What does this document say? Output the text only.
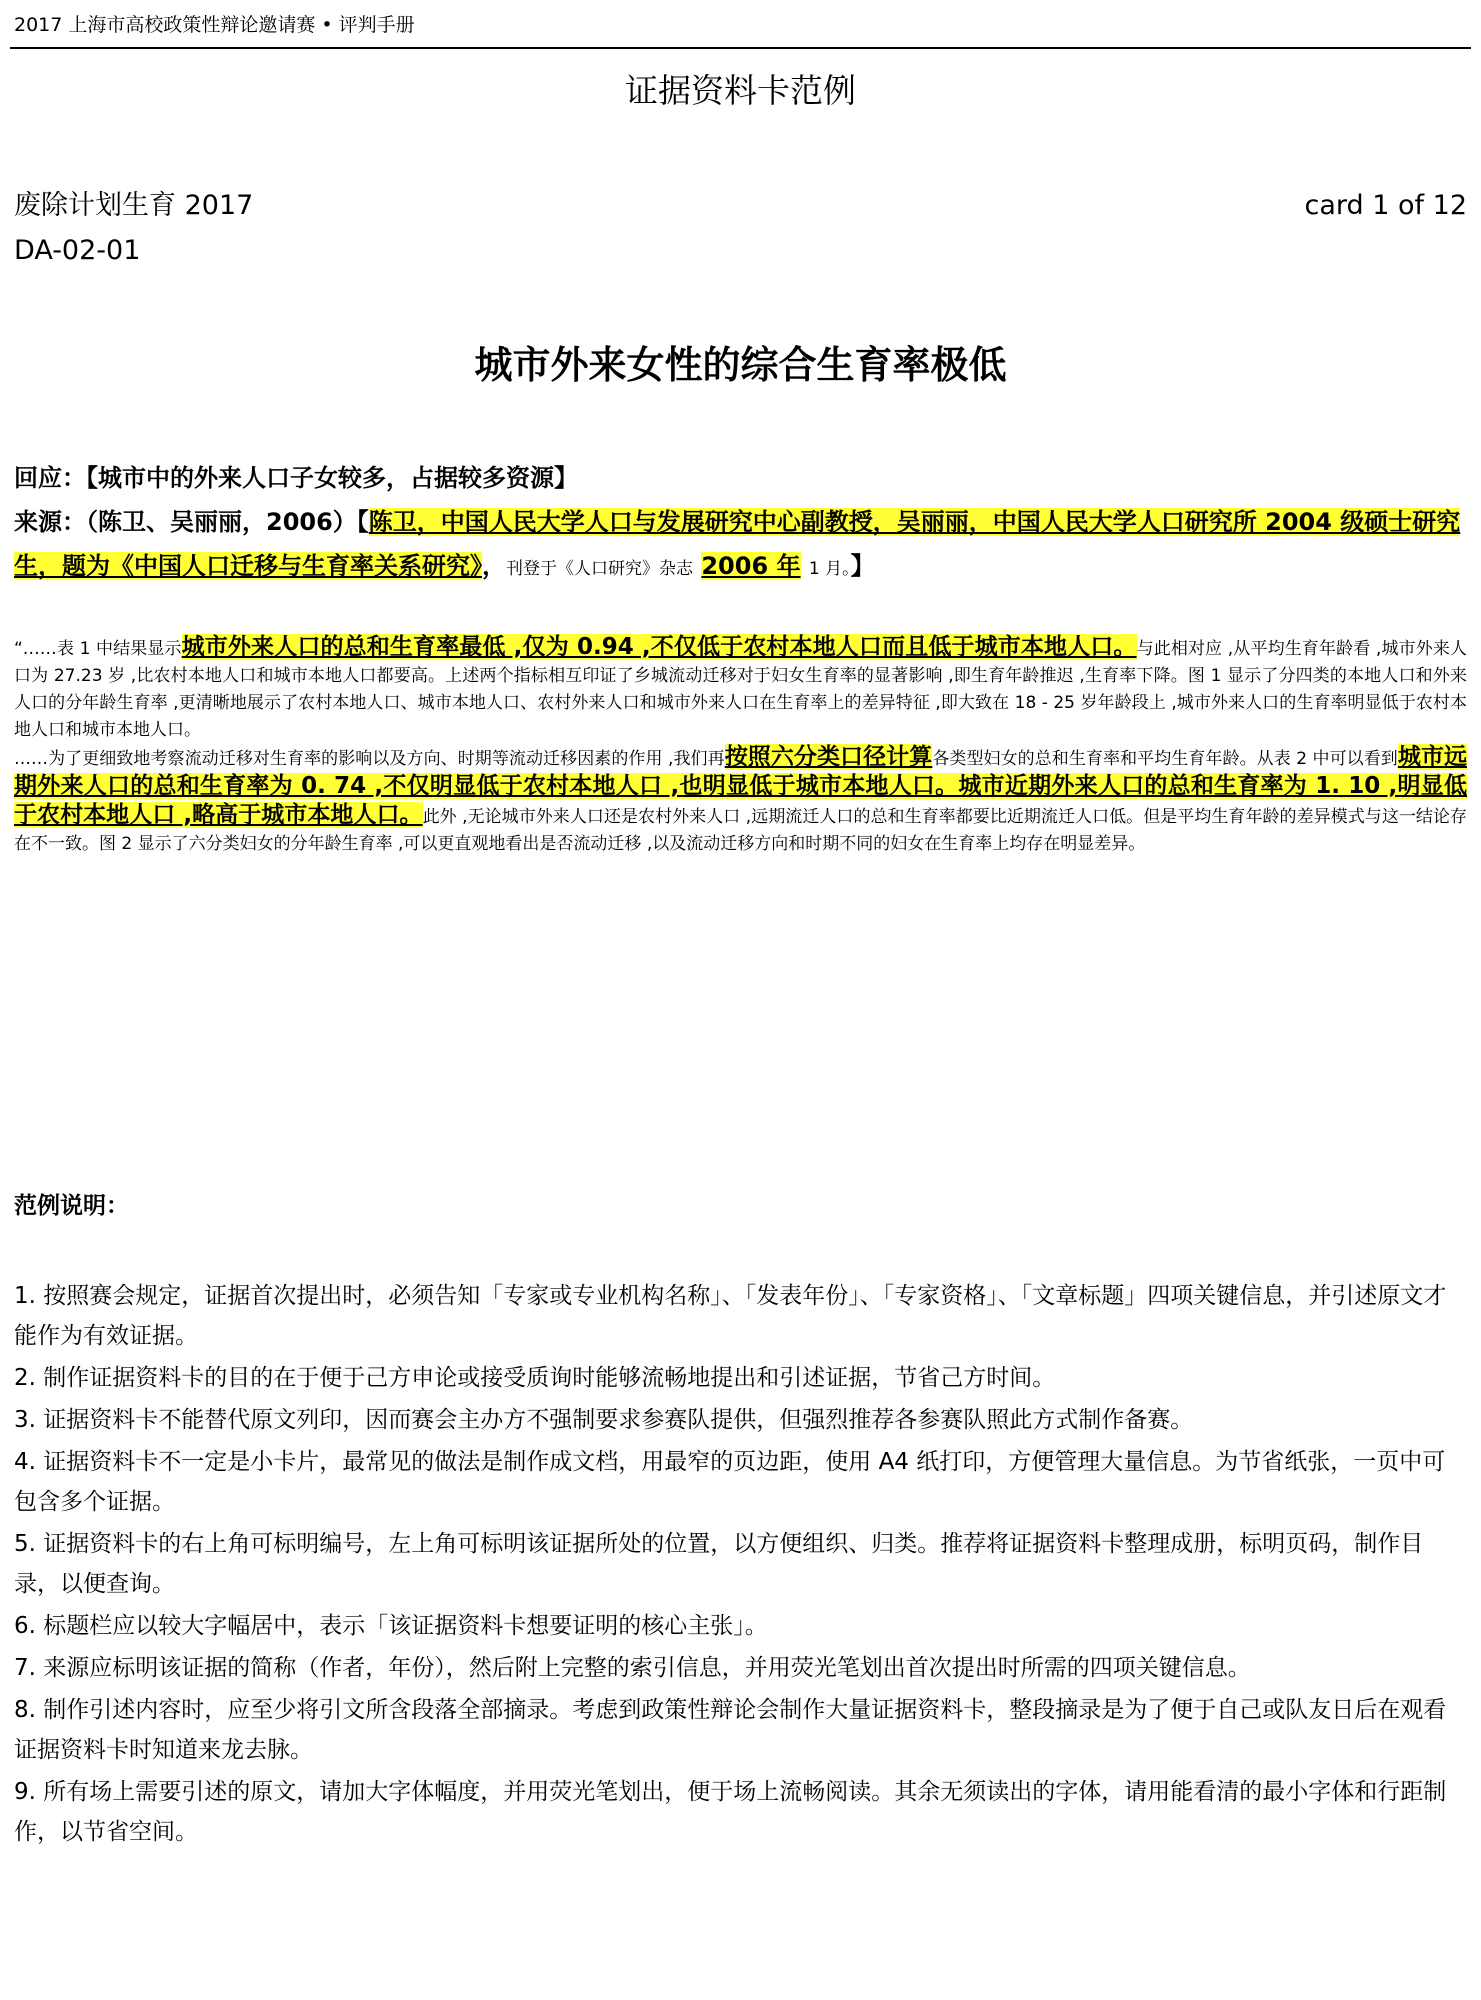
2017 上海市高校政策性辩论邀请赛 • 评判手册
证据资料卡范例
废除计划生育 2017
DA-02-01
card 1 of 12
城市外来女性的综合生育率极低
回应：【城市中的外来人口子女较多，占据较多资源】
来源：（陈卫、吴丽丽，2006）【陈卫，中国人民大学人口与发展研究中心副教授，吴丽丽，中国人民大学人口研究所 2004 级硕士研究生，题为《中国人口迁移与生育率关系研究》，刊登于《人口研究》杂志 2006 年 1 月。】

“……表 1 中结果显示城市外来人口的总和生育率最低 ,仅为 0.94 ,不仅低于农村本地人口而且低于城市本地人口。与此相对应 ,从平均生育年龄看 ,城市外来人口为 27.23 岁 ,比农村本地人口和城市本地人口都要高。上述两个指标相互印证了乡城流动迁移对于妇女生育率的显著影响 ,即生育年龄推迟 ,生育率下降。图 1 显示了分四类的本地人口和外来人口的分年龄生育率 ,更清晰地展示了农村本地人口、城市本地人口、农村外来人口和城市外来人口在生育率上的差异特征 ,即大致在 18 - 25 岁年龄段上 ,城市外来人口的生育率明显低于农村本地人口和城市本地人口。

……为了更细致地考察流动迁移对生育率的影响以及方向、时期等流动迁移因素的作用 ,我们再按照六分类口径计算各类型妇女的总和生育率和平均生育年龄。从表 2 中可以看到城市远期外来人口的总和生育率为 0. 74 ,不仅明显低于农村本地人口 ,也明显低于城市本地人口。城市近期外来人口的总和生育率为 1. 10 ,明显低于农村本地人口 ,略高于城市本地人口。此外 ,无论城市外来人口还是农村外来人口 ,远期流迁人口的总和生育率都要比近期流迁人口低。但是平均生育年龄的差异模式与这一结论存在不一致。图 2 显示了六分类妇女的分年龄生育率 ,可以更直观地看出是否流动迁移 ,以及流动迁移方向和时期不同的妇女在生育率上均存在明显差异。

范例说明：
1. 按照赛会规定，证据首次提出时，必须告知「专家或专业机构名称」、「发表年份」、「专家资格」、「文章标题」四项关键信息，并引述原文才能作为有效证据。
2. 制作证据资料卡的目的在于便于己方申论或接受质询时能够流畅地提出和引述证据，节省己方时间。
3. 证据资料卡不能替代原文列印，因而赛会主办方不强制要求参赛队提供，但强烈推荐各参赛队照此方式制作备赛。
4. 证据资料卡不一定是小卡片，最常见的做法是制作成文档，用最窄的页边距，使用 A4 纸打印，方便管理大量信息。为节省纸张，一页中可包含多个证据。
5. 证据资料卡的右上角可标明编号，左上角可标明该证据所处的位置，以方便组织、归类。推荐将证据资料卡整理成册，标明页码，制作目录，以便查询。
6. 标题栏应以较大字幅居中，表示「该证据资料卡想要证明的核心主张」。
7. 来源应标明该证据的简称（作者，年份），然后附上完整的索引信息，并用荧光笔划出首次提出时所需的四项关键信息。
8. 制作引述内容时，应至少将引文所含段落全部摘录。考虑到政策性辩论会制作大量证据资料卡，整段摘录是为了便于自己或队友日后在观看证据资料卡时知道来龙去脉。
9. 所有场上需要引述的原文，请加大字体幅度，并用荧光笔划出，便于场上流畅阅读。其余无须读出的字体，请用能看清的最小字体和行距制作，以节省空间。
